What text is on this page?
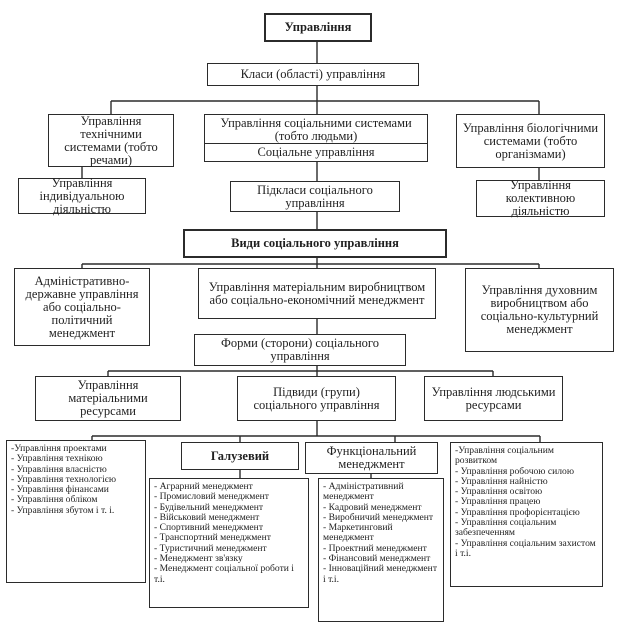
Управління
Класи (області) управління
Управління технічними системами (тобто речами)
Управління соціальними системами (тобто людьми)
Соціальне управління
Управління біологічними системами (тобто організмами)
Управління індивідуальною діяльністю
Підкласи соціального управління
Управління колективною діяльністю
Види соціального управління
Адміністративно-державне управління або соціально-політичний менеджмент
Управління матеріальним виробництвом або соціально-економічний менеджмент
Управління духовним виробництвом або соціально-культурний менеджмент
Форми (сторони) соціального управління
Управління матеріальними ресурсами
Підвиди (групи) соціального управління
Управління людськими ресурсами
Галузевий	Функціональний менеджмент
-Управління проектами
- Управління технікою
- Управління власністю
- Управління технологією
- Управління фінансами
- Управління обліком
- Управління збутом і т. і.
- Аграрний менеджмент
- Промисловий менеджмент
- Будівельний менеджмент
- Військовий менеджмент
- Спортивний менеджмент
- Транспортний менеджмент
- Туристичний менеджмент
- Менеджмент зв'язку
- Менеджмент соціальної роботи і т.і.
- Адміністративний менеджмент
- Кадровий менеджмент
- Виробничий менеджмент
- Маркетинговий менеджмент
- Проектний менеджмент
- Фінансовий менеджмент
- Інноваційний менеджмент і т.і.
-Управління соціальним розвитком
- Управління робочою силою
- Управління найністю
- Управління освітою
- Управління працею
- Управління профорієнтацією
- Управління соціальним забезпеченням
- Управління соціальним захистом і т.і.
